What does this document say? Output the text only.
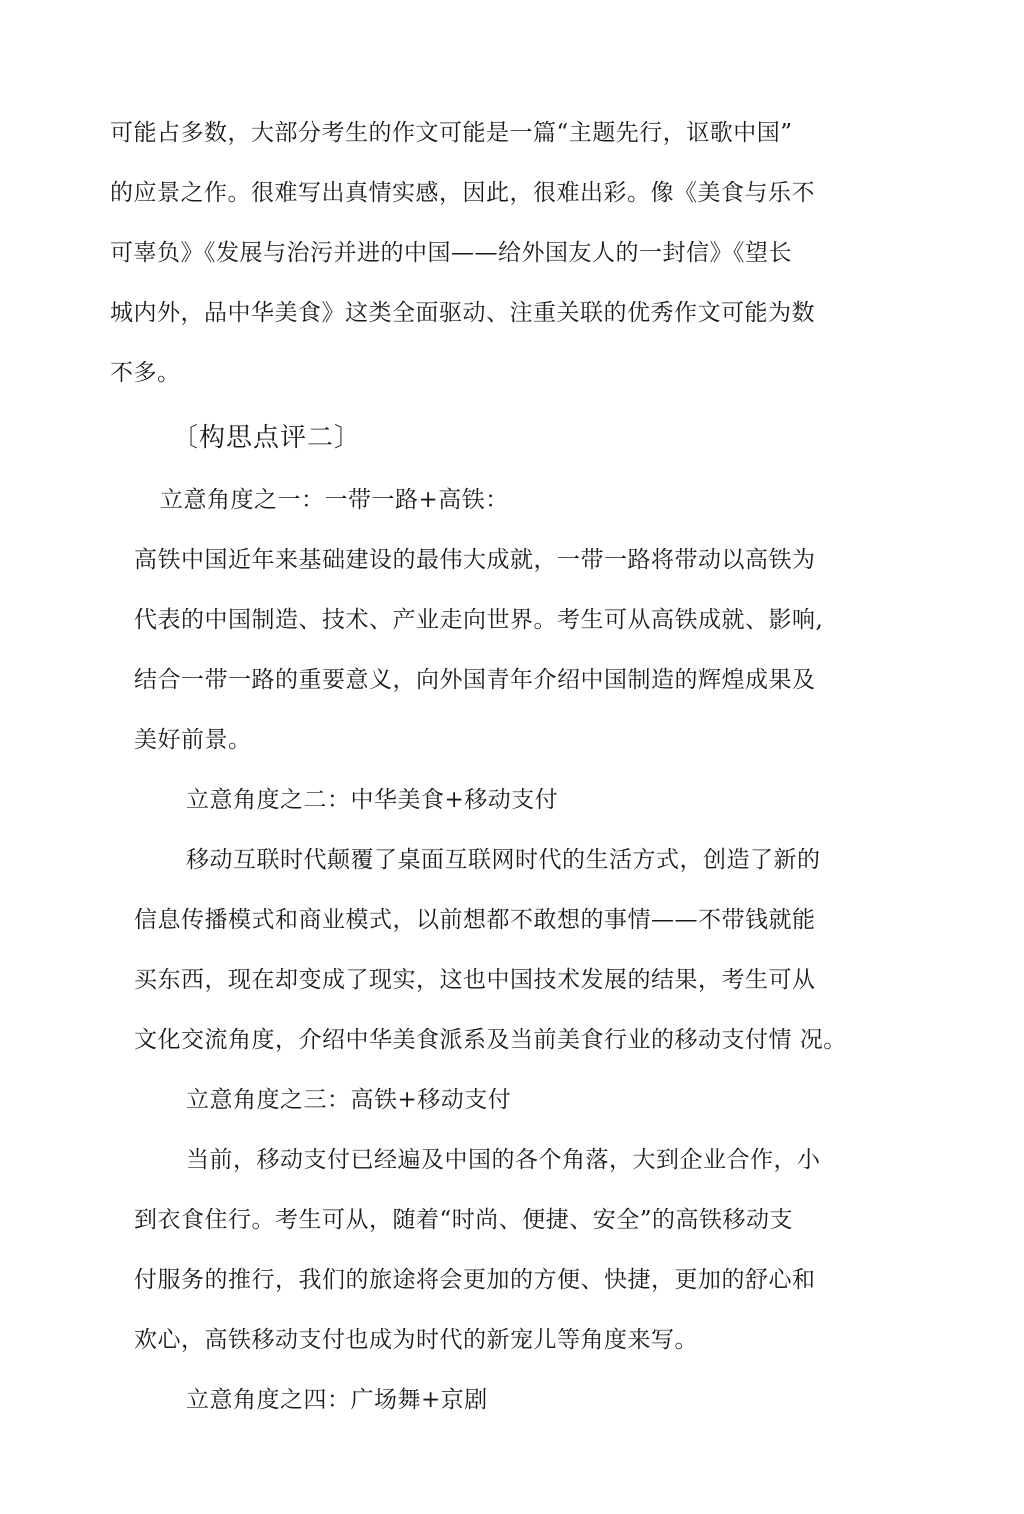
可能占多数，大部分考生的作文可能是一篇“主题先行，讴歌中国”
的应景之作。很难写出真情实感，因此，很难出彩。像《美食与乐不
可辜负》《发展与治污并进的中国——给外国友人的一封信》《望长
城内外，品中华美食》这类全面驱动、注重关联的优秀作文可能为数
不多。
〔构思点评二〕
立意角度之一：一带一路+高铁：
高铁中国近年来基础建设的最伟大成就，一带一路将带动以高铁为
代表的中国制造、技术、产业走向世界。考生可从高铁成就、影响,
结合一带一路的重要意义，向外国青年介绍中国制造的辉煌成果及
美好前景。
立意角度之二：中华美食+移动支付
移动互联时代颠覆了桌面互联网时代的生活方式，创造了新的
信息传播模式和商业模式，以前想都不敢想的事情——不带钱就能
买东西，现在却变成了现实，这也中国技术发展的结果，考生可从
文化交流角度，介绍中华美食派系及当前美食行业的移动支付情 况。
立意角度之三：高铁+移动支付
当前，移动支付已经遍及中国的各个角落，大到企业合作，小
到衣食住行。考生可从，随着“时尚、便捷、安全”的高铁移动支
付服务的推行，我们的旅途将会更加的方便、快捷，更加的舒心和
欢心，高铁移动支付也成为时代的新宠儿等角度来写。
立意角度之四：广场舞+京剧
